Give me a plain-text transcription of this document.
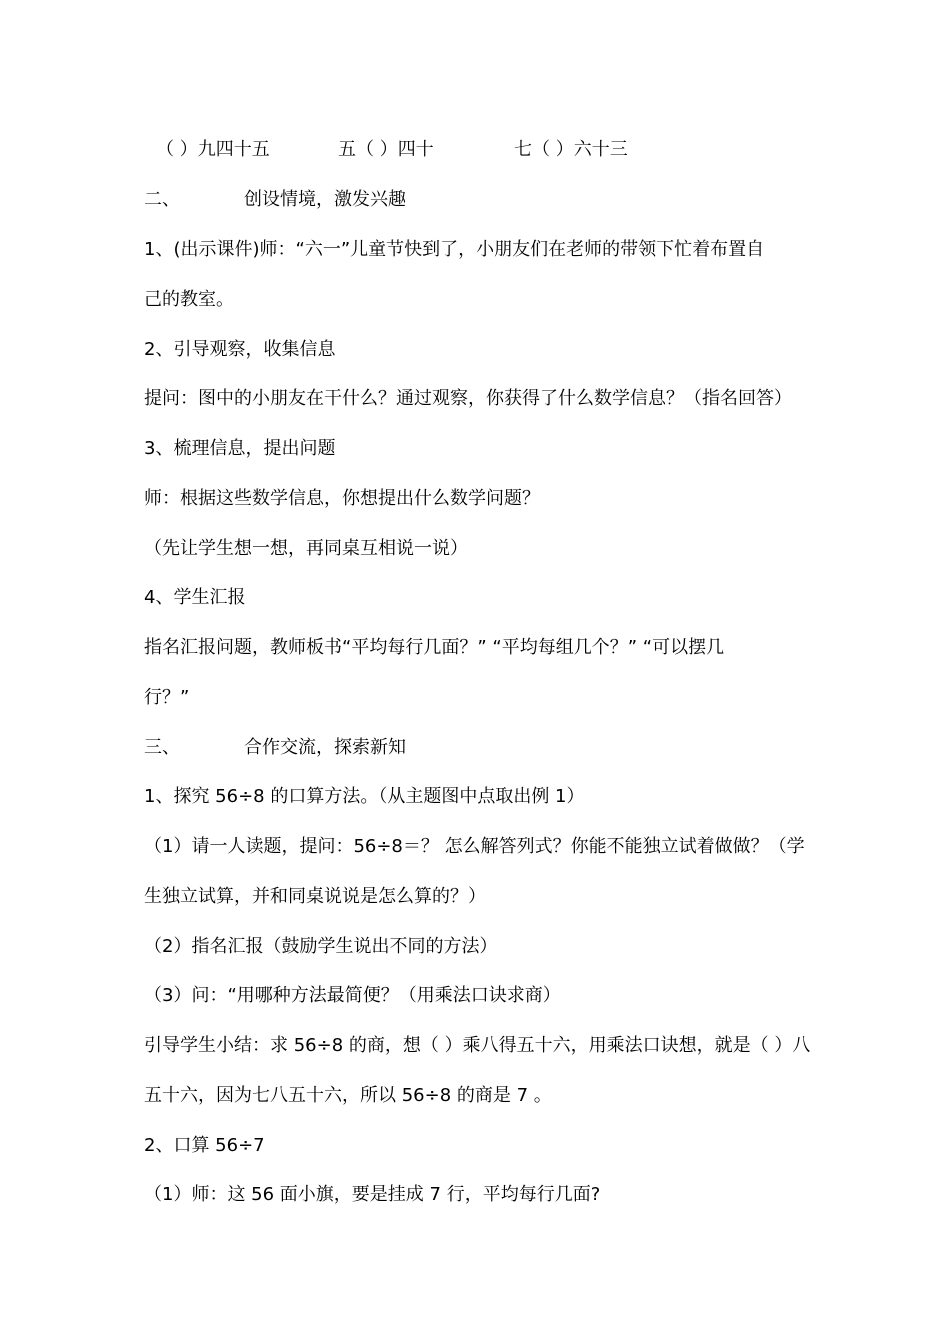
（ ）九四十五	五（ ）四十	七（ ）六十三
二、	创设情境，激发兴趣
1、(出示课件)师：“六一”儿童节快到了，小朋友们在老师的带领下忙着布置自
己的教室。
2、引导观察，收集信息
提问：图中的小朋友在干什么？通过观察，你获得了什么数学信息？（指名回答）
3、梳理信息，提出问题
师：根据这些数学信息，你想提出什么数学问题？
（先让学生想一想，再同桌互相说一说）
4、学生汇报
指名汇报问题，教师板书“平均每行几面？” “平均每组几个？” “可以摆几
行？”
三、	合作交流，探索新知
1、探究 56÷8 的口算方法。（从主题图中点取出例 1）
（1）请一人读题，提问：56÷8＝？ 怎么解答列式？你能不能独立试着做做？（学
生独立试算，并和同桌说说是怎么算的？）
（2）指名汇报（鼓励学生说出不同的方法）
（3）问：“用哪种方法最简便？（用乘法口诀求商）
引导学生小结：求 56÷8 的商，想（ ）乘八得五十六，用乘法口诀想，就是（ ）八
五十六，因为七八五十六，所以 56÷8 的商是 7 。
2、口算 56÷7
（1）师：这 56 面小旗，要是挂成 7 行，平均每行几面?
